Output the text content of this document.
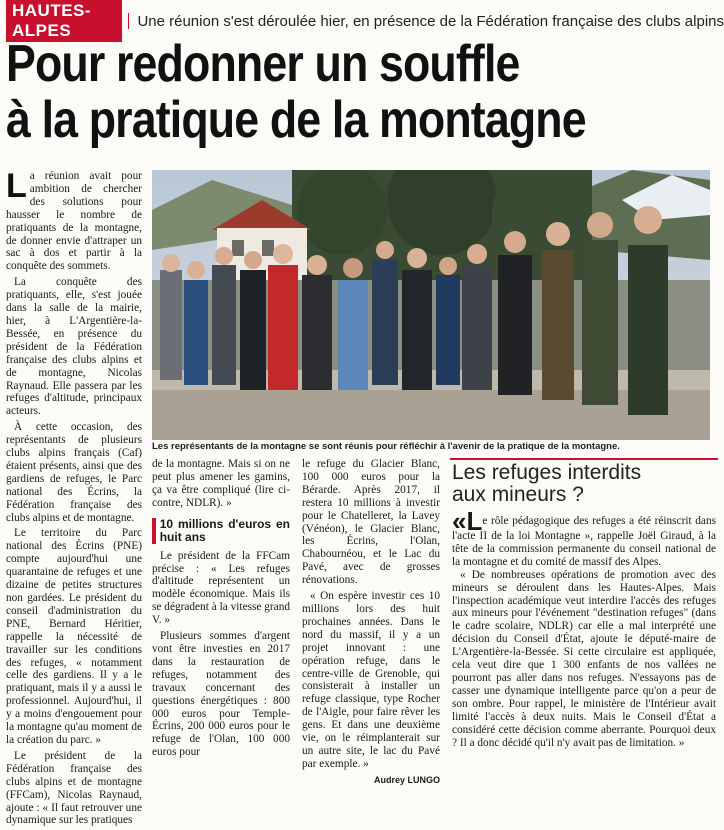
HAUTES-ALPES	Une réunion s'est déroulée hier, en présence de la Fédération française des clubs alpins
Pour redonner un souffle
à la pratique de la montagne

La réunion avait pour ambition de chercher des solutions pour hausser le nombre de pratiquants de la montagne, de donner envie d'attraper un sac à dos et partir à la conquête des sommets.

La conquête des pratiquants, elle, s'est jouée dans la salle de la mairie, hier, à L'Argentière-la-Bessée, en présence du président de la Fédération française des clubs alpins et de montagne, Nicolas Raynaud. Elle passera par les refuges d'altitude, principaux acteurs.

À cette occasion, des représentants de plusieurs clubs alpins français (Caf) étaient présents, ainsi que des gardiens de refuges, le Parc national des Écrins, la Fédération française des clubs alpins et de montagne.

Le territoire du Parc national des Écrins (PNE) compte aujourd'hui une quarantaine de refuges et une dizaine de petites structures non gardées. Le président du conseil d'administration du PNE, Bernard Héritier, rappelle la nécessité de travailler sur les conditions des refuges, « notamment celle des gardiens. Il y a le pratiquant, mais il y a aussi le professionnel. Aujourd'hui, il y a moins d'engouement pour la montagne qu'au moment de la création du parc. »

Le président de la Fédération française des clubs alpins et de montagne (FFCam), Nicolas Raynaud, ajoute : « Il faut retrouver une dynamique sur les pratiques

Les représentants de la montagne se sont réunis pour réfléchir à l'avenir de la pratique de la montagne.

de la montagne. Mais si on ne peut plus amener les gamins, ça va être compliqué (lire ci-contre, NDLR). »

10 millions d'euros en huit ans

Le président de la FFCam précise : « Les refuges d'altitude représentent un modèle économique. Mais ils se dégradent à la vitesse grand V. »

Plusieurs sommes d'argent vont être investies en 2017 dans la restauration de refuges, notamment des travaux concernant des questions énergétiques : 800 000 euros pour Temple-Écrins, 200 000 euros pour le refuge de l'Olan, 100 000 euros pour

le refuge du Glacier Blanc, 100 000 euros pour la Bérarde. Après 2017, il restera 10 millions à investir pour le Chatelleret, la Lavey (Vénéon), le Glacier Blanc, les Écrins, l'Olan, Chabournéou, et le Lac du Pavé, avec de grosses rénovations.

« On espère investir ces 10 millions lors des huit prochaines années. Dans le nord du massif, il y a un projet innovant : une opération refuge, dans le centre-ville de Grenoble, qui consisterait à installer un refuge classique, type Rocher de l'Aigle, pour faire rêver les gens. Et dans une deuxième vie, on le réimplanterait sur un autre site, le lac du Pavé par exemple. »

Audrey LUNGO
Les refuges interdits
aux mineurs ?

«Le rôle pédagogique des refuges a été réinscrit dans l'acte II de la loi Montagne », rappelle Joël Giraud, à la tête de la commission permanente du conseil national de la montagne et du comité de massif des Alpes.

« De nombreuses opérations de promotion avec des mineurs se déroulent dans les Hautes-Alpes. Mais l'inspection académique veut interdire l'accès des refuges aux mineurs pour l'événement "destination refuges" (dans le cadre scolaire, NDLR) car elle a mal interprété une décision du Conseil d'État, ajoute le député-maire de L'Argentière-la-Bessée. Si cette circulaire est appliquée, cela veut dire que 1 300 enfants de nos vallées ne pourront pas aller dans nos refuges. N'essayons pas de casser une dynamique intelligente parce qu'on a peur de son ombre. Pour rappel, le ministère de l'Intérieur avait limité l'accès à deux nuits. Mais le Conseil d'État a considéré cette décision comme aberrante. Pourquoi deux ? Il a donc décidé qu'il n'y avait pas de limitation. »
